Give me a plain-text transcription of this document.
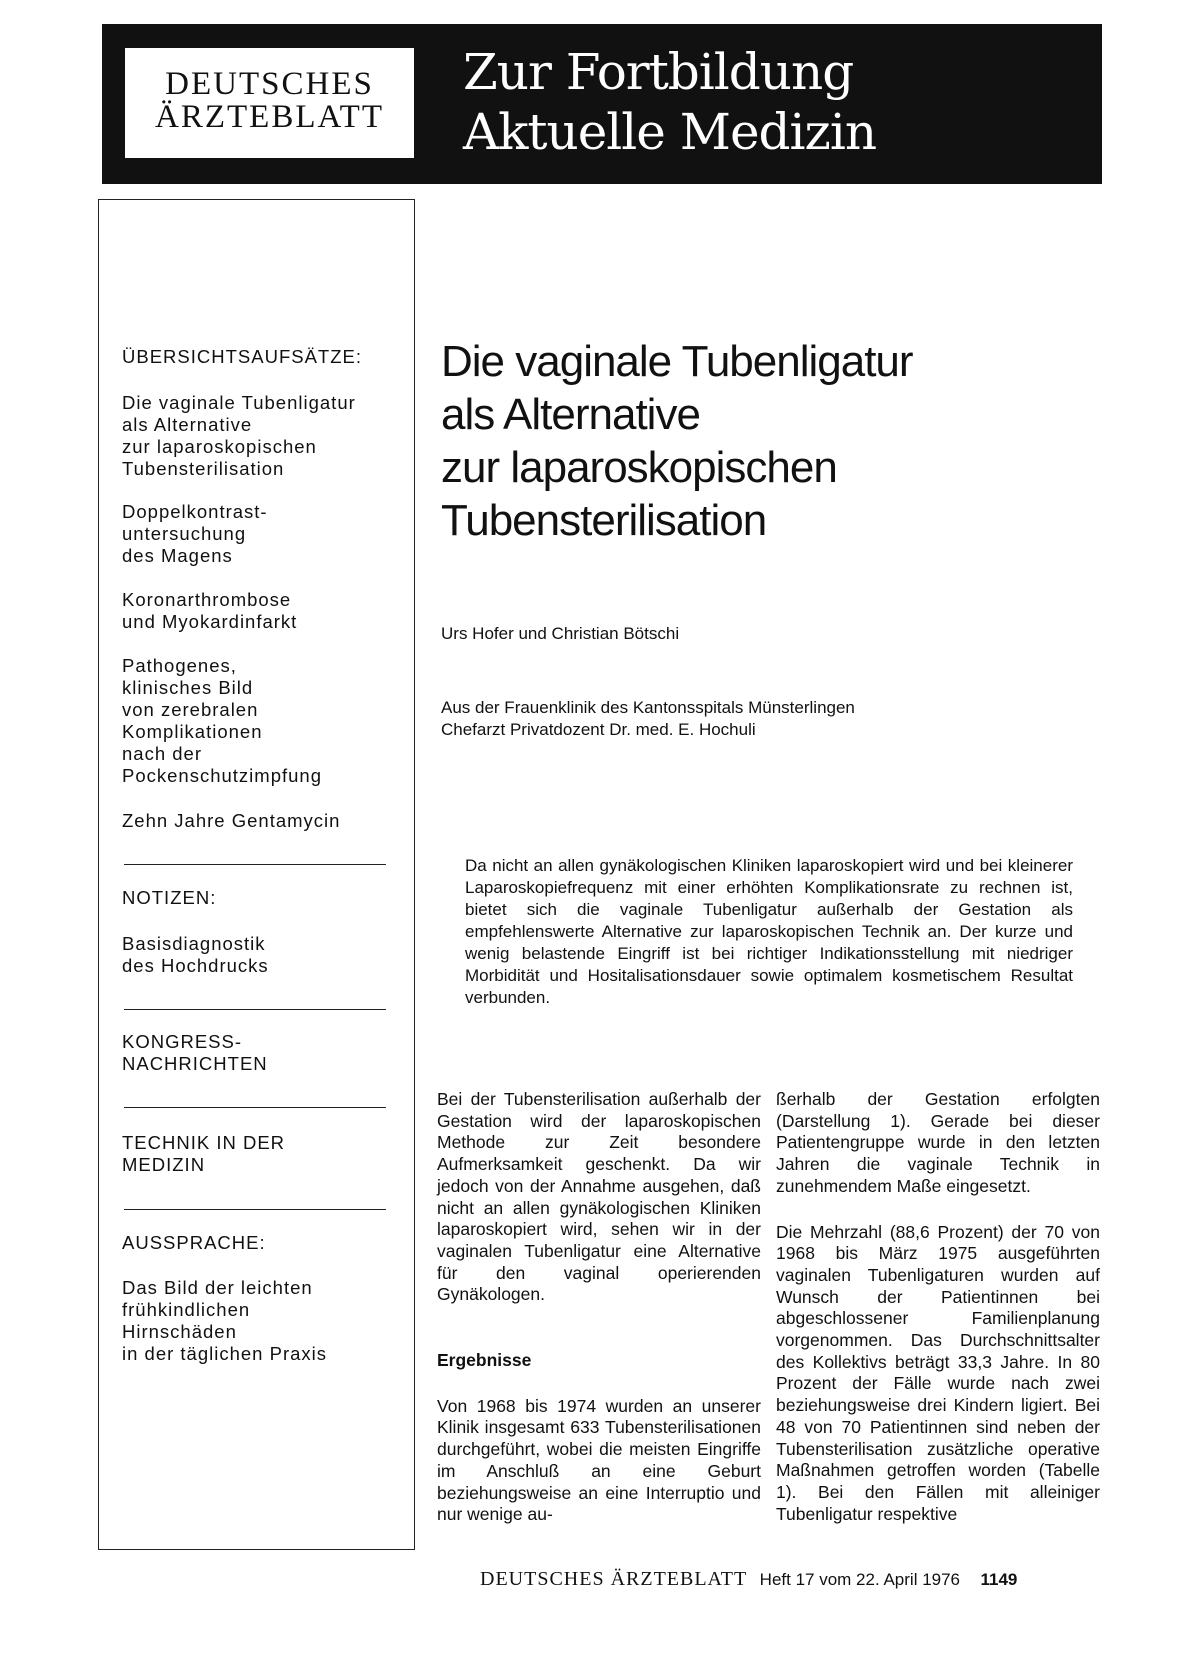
DEUTSCHES
ÄRZTEBLATT
Zur Fortbildung
Aktuelle Medizin
ÜBERSICHTSAUFSÄTZE:
Die vaginale Tubenligatur
als Alternative
zur laparoskopischen
Tubensterilisation
Doppelkontrast-
untersuchung
des Magens
Koronarthrombose
und Myokardinfarkt
Pathogenes,
klinisches Bild
von zerebralen
Komplikationen
nach der
Pockenschutzimpfung
Zehn Jahre Gentamycin
NOTIZEN:
Basisdiagnostik
des Hochdrucks
KONGRESS-
NACHRICHTEN
TECHNIK IN DER
MEDIZIN
AUSSPRACHE:
Das Bild der leichten
frühkindlichen
Hirnschäden
in der täglichen Praxis
Die vaginale Tubenligatur
als Alternative
zur laparoskopischen
Tubensterilisation
Urs Hofer und Christian Bötschi
Aus der Frauenklinik des Kantonsspitals Münsterlingen
Chefarzt Privatdozent Dr. med. E. Hochuli
Da nicht an allen gynäkologischen Kliniken laparoskopiert wird und bei kleinerer Laparoskopiefrequenz mit einer erhöhten Komplikationsrate zu rechnen ist, bietet sich die vaginale Tubenligatur außerhalb der Gestation als empfehlenswerte Alternative zur laparoskopischen Technik an. Der kurze und wenig belastende Eingriff ist bei richtiger Indikationsstellung mit niedriger Morbidität und Hositalisationsdauer sowie optimalem kosmetischem Resultat verbunden.

Bei der Tubensterilisation außerhalb der Gestation wird der laparoskopischen Methode zur Zeit besondere Aufmerksamkeit geschenkt. Da wir jedoch von der Annahme ausgehen, daß nicht an allen gynäkologischen Kliniken laparoskopiert wird, sehen wir in der vaginalen Tubenligatur eine Alternative für den vaginal operierenden Gynäkologen.

Ergebnisse

Von 1968 bis 1974 wurden an unserer Klinik insgesamt 633 Tubensterilisationen durchgeführt, wobei die meisten Eingriffe im Anschluß an eine Geburt beziehungsweise an eine Interruptio und nur wenige au-

ßerhalb der Gestation erfolgten (Darstellung 1). Gerade bei dieser Patientengruppe wurde in den letzten Jahren die vaginale Technik in zunehmendem Maße eingesetzt.

Die Mehrzahl (88,6 Prozent) der 70 von 1968 bis März 1975 ausgeführten vaginalen Tubenligaturen wurden auf Wunsch der Patientinnen bei abgeschlossener Familienplanung vorgenommen. Das Durchschnittsalter des Kollektivs beträgt 33,3 Jahre. In 80 Prozent der Fälle wurde nach zwei beziehungsweise drei Kindern ligiert. Bei 48 von 70 Patientinnen sind neben der Tubensterilisation zusätzliche operative Maßnahmen getroffen worden (Tabelle 1). Bei den Fällen mit alleiniger Tubenligatur respektive

DEUTSCHES ÄRZTEBLATT Heft 17 vom 22. April 1976 1149
